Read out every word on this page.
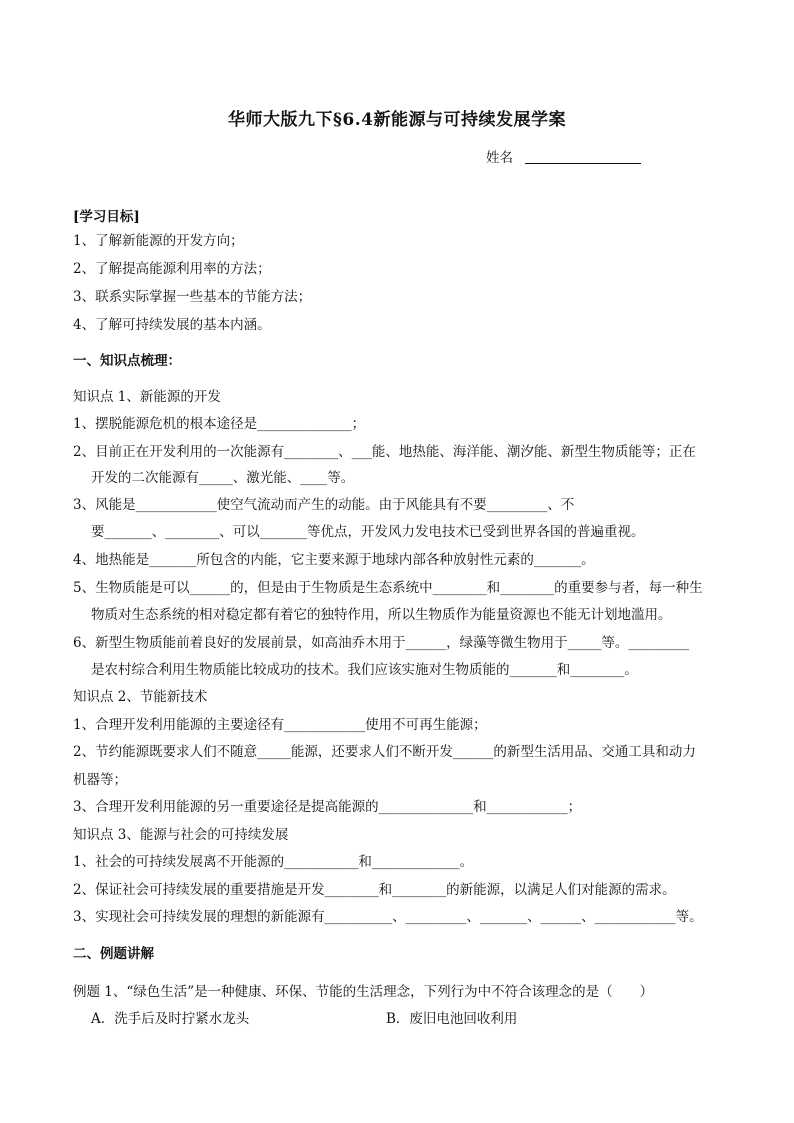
华师大版九下§6.4新能源与可持续发展学案
姓名
[学习目标]
1、了解新能源的开发方向；
2、了解提高能源利用率的方法；
3、联系实际掌握一些基本的节能方法；
4、了解可持续发展的基本内涵。
一、知识点梳理：
知识点 1、新能源的开发
1、摆脱能源危机的根本途径是______________；
2、目前正在开发利用的一次能源有________、___能、地热能、海洋能、潮汐能、新型生物质能等；正在
开发的二次能源有_____、激光能、____等。
3、风能是____________使空气流动而产生的动能。由于风能具有不要_________、不
要_______、________、可以_______等优点，开发风力发电技术已受到世界各国的普遍重视。
4、地热能是_______所包含的内能，它主要来源于地球内部各种放射性元素的_______。
5、生物质能是可以______的，但是由于生物质是生态系统中________和________的重要参与者，每一种生
物质对生态系统的相对稳定都有着它的独特作用，所以生物质作为能量资源也不能无计划地滥用。
6、新型生物质能前着良好的发展前景，如高油乔木用于______，绿藻等微生物用于_____等。_________
是农村综合利用生物质能比较成功的技术。我们应该实施对生物质能的_______和________。
知识点 2、节能新技术
1、合理开发利用能源的主要途径有____________使用不可再生能源；
2、节约能源既要求人们不随意_____能源，还要求人们不断开发______的新型生活用品、交通工具和动力
机器等；
3、合理开发利用能源的另一重要途径是提高能源的______________和____________；
知识点 3、能源与社会的可持续发展
1、社会的可持续发展离不开能源的___________和_____________。
2、保证社会可持续发展的重要措施是开发________和________的新能源，以满足人们对能源的需求。
3、实现社会可持续发展的理想的新能源有__________、_________、_______、______、____________等。
二、例题讲解
例题 1、“绿色生活”是一种健康、环保、节能的生活理念，下列行为中不符合该理念的是（　　）
A．洗手后及时拧紧水龙头	B．废旧电池回收利用
